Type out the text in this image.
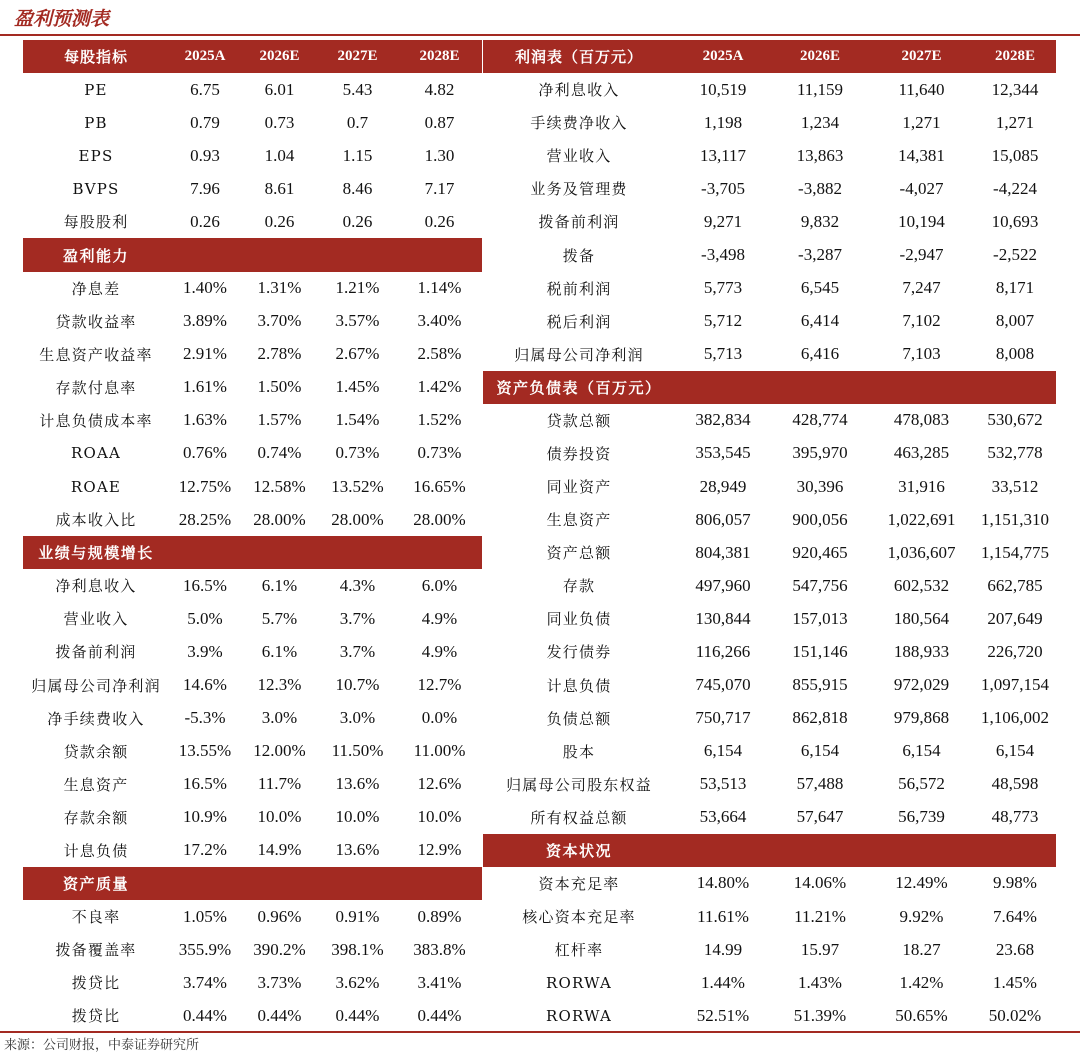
盈利预测表
每股指标	2025A	2026E	2027E	2028E
PE	6.75	6.01	5.43	4.82
PB	0.79	0.73	0.7	0.87
EPS	0.93	1.04	1.15	1.30
BVPS	7.96	8.61	8.46	7.17
每股股利	0.26	0.26	0.26	0.26
盈利能力
净息差	1.40%	1.31%	1.21%	1.14%
贷款收益率	3.89%	3.70%	3.57%	3.40%
生息资产收益率	2.91%	2.78%	2.67%	2.58%
存款付息率	1.61%	1.50%	1.45%	1.42%
计息负债成本率	1.63%	1.57%	1.54%	1.52%
ROAA	0.76%	0.74%	0.73%	0.73%
ROAE	12.75%	12.58%	13.52%	16.65%
成本收入比	28.25%	28.00%	28.00%	28.00%
业绩与规模增长
净利息收入	16.5%	6.1%	4.3%	6.0%
营业收入	5.0%	5.7%	3.7%	4.9%
拨备前利润	3.9%	6.1%	3.7%	4.9%
归属母公司净利润	14.6%	12.3%	10.7%	12.7%
净手续费收入	-5.3%	3.0%	3.0%	0.0%
贷款余额	13.55%	12.00%	11.50%	11.00%
生息资产	16.5%	11.7%	13.6%	12.6%
存款余额	10.9%	10.0%	10.0%	10.0%
计息负债	17.2%	14.9%	13.6%	12.9%
资产质量
不良率	1.05%	0.96%	0.91%	0.89%
拨备覆盖率	355.9%	390.2%	398.1%	383.8%
拨贷比	3.74%	3.73%	3.62%	3.41%
拨贷比	0.44%	0.44%	0.44%	0.44%
利润表（百万元）	2025A	2026E	2027E	2028E
净利息收入	10,519	11,159	11,640	12,344
手续费净收入	1,198	1,234	1,271	1,271
营业收入	13,117	13,863	14,381	15,085
业务及管理费	-3,705	-3,882	-4,027	-4,224
拨备前利润	9,271	9,832	10,194	10,693
拨备	-3,498	-3,287	-2,947	-2,522
税前利润	5,773	6,545	7,247	8,171
税后利润	5,712	6,414	7,102	8,007
归属母公司净利润	5,713	6,416	7,103	8,008
资产负债表（百万元）
贷款总额	382,834	428,774	478,083	530,672
债券投资	353,545	395,970	463,285	532,778
同业资产	28,949	30,396	31,916	33,512
生息资产	806,057	900,056	1,022,691	1,151,310
资产总额	804,381	920,465	1,036,607	1,154,775
存款	497,960	547,756	602,532	662,785
同业负债	130,844	157,013	180,564	207,649
发行债券	116,266	151,146	188,933	226,720
计息负债	745,070	855,915	972,029	1,097,154
负债总额	750,717	862,818	979,868	1,106,002
股本	6,154	6,154	6,154	6,154
归属母公司股东权益	53,513	57,488	56,572	48,598
所有权益总额	53,664	57,647	56,739	48,773
资本状况
资本充足率	14.80%	14.06%	12.49%	9.98%
核心资本充足率	11.61%	11.21%	9.92%	7.64%
杠杆率	14.99	15.97	18.27	23.68
RORWA	1.44%	1.43%	1.42%	1.45%
RORWA	52.51%	51.39%	50.65%	50.02%
来源：公司财报，中泰证券研究所
